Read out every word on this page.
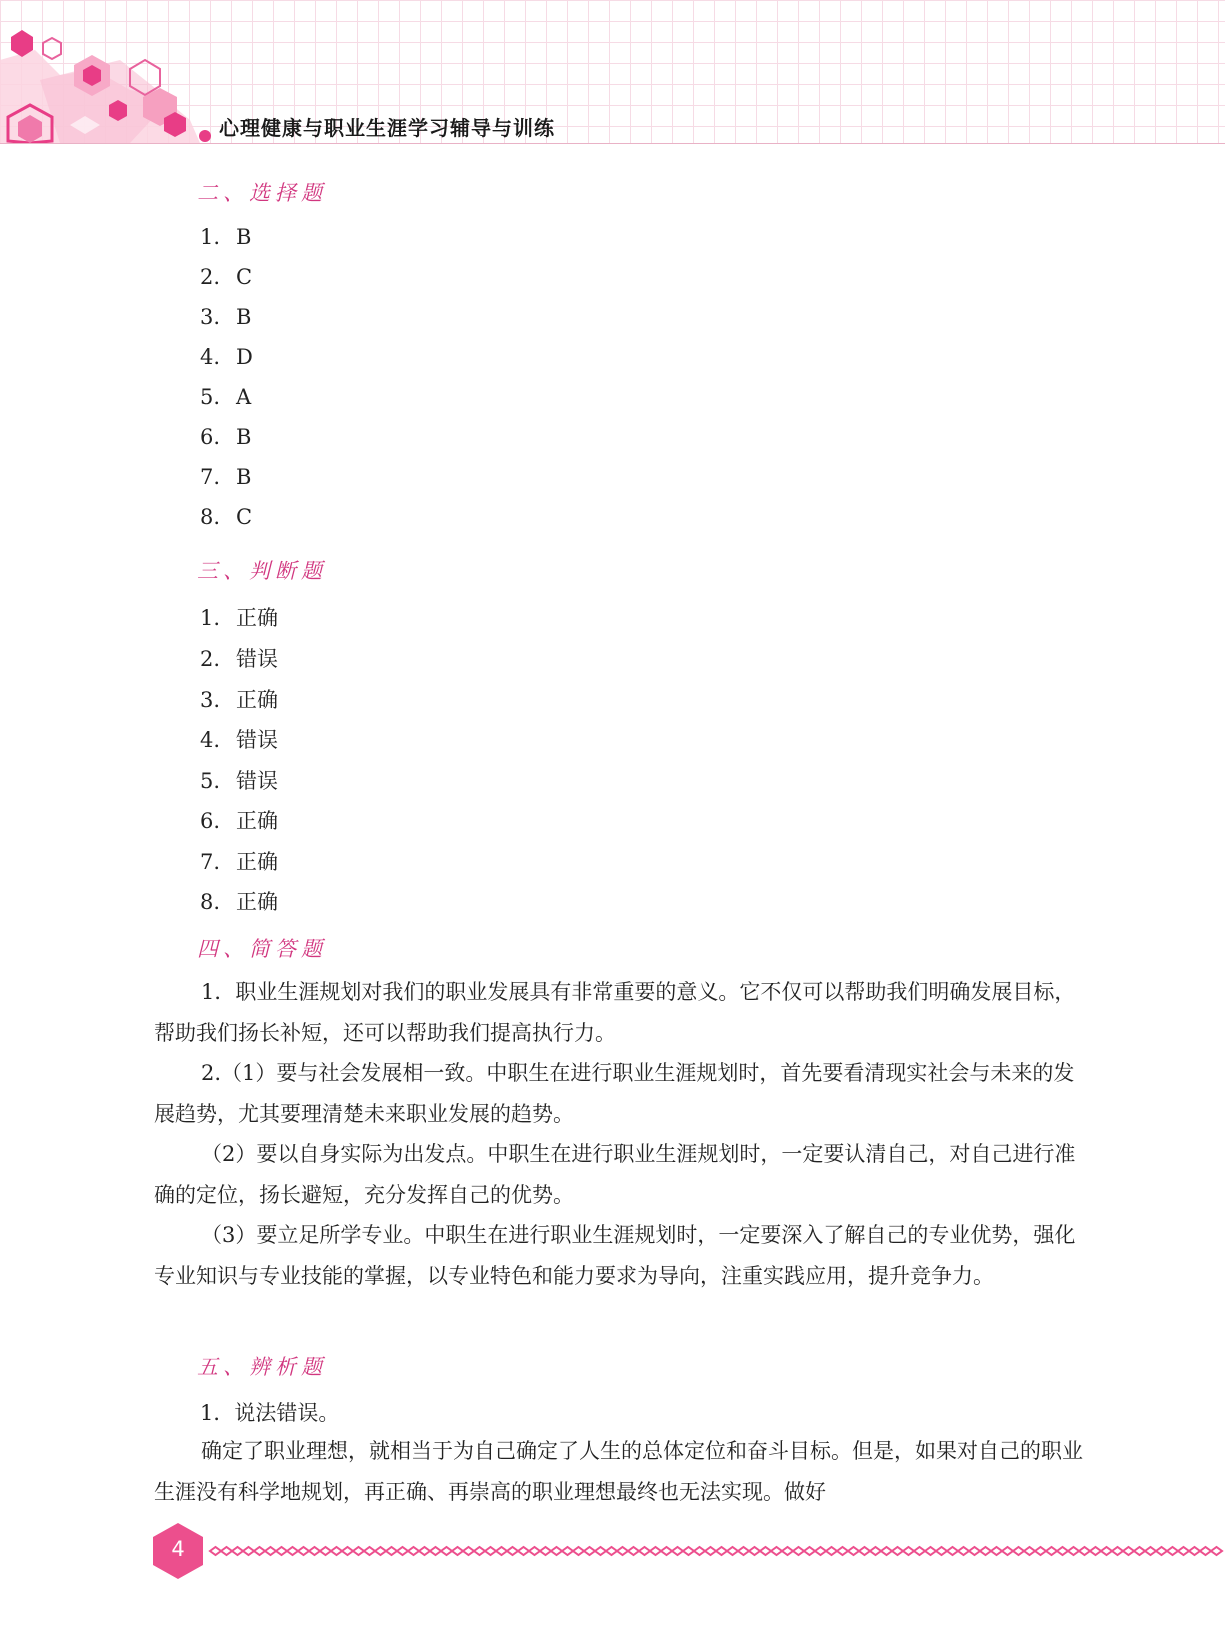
心理健康与职业生涯学习辅导与训练
二、选择题
1. B
2. C
3. B
4. D
5. A
6. B
7. B
8. C
三、判断题
1. 正确
2. 错误
3. 正确
4. 错误
5. 错误
6. 正确
7. 正确
8. 正确
四、简答题

1．职业生涯规划对我们的职业发展具有非常重要的意义。它不仅可以帮助我们明确发展目标，帮助我们扬长补短，还可以帮助我们提高执行力。

2.（1）要与社会发展相一致。中职生在进行职业生涯规划时，首先要看清现实社会与未来的发展趋势，尤其要理清楚未来职业发展的趋势。

（2）要以自身实际为出发点。中职生在进行职业生涯规划时，一定要认清自己，对自己进行准确的定位，扬长避短，充分发挥自己的优势。

（3）要立足所学专业。中职生在进行职业生涯规划时，一定要深入了解自己的专业优势，强化专业知识与专业技能的掌握，以专业特色和能力要求为导向，注重实践应用，提升竞争力。

五、辨析题
1．说法错误。

确定了职业理想，就相当于为自己确定了人生的总体定位和奋斗目标。但是，如果对自己的职业生涯没有科学地规划，再正确、再崇高的职业理想最终也无法实现。做好

4
